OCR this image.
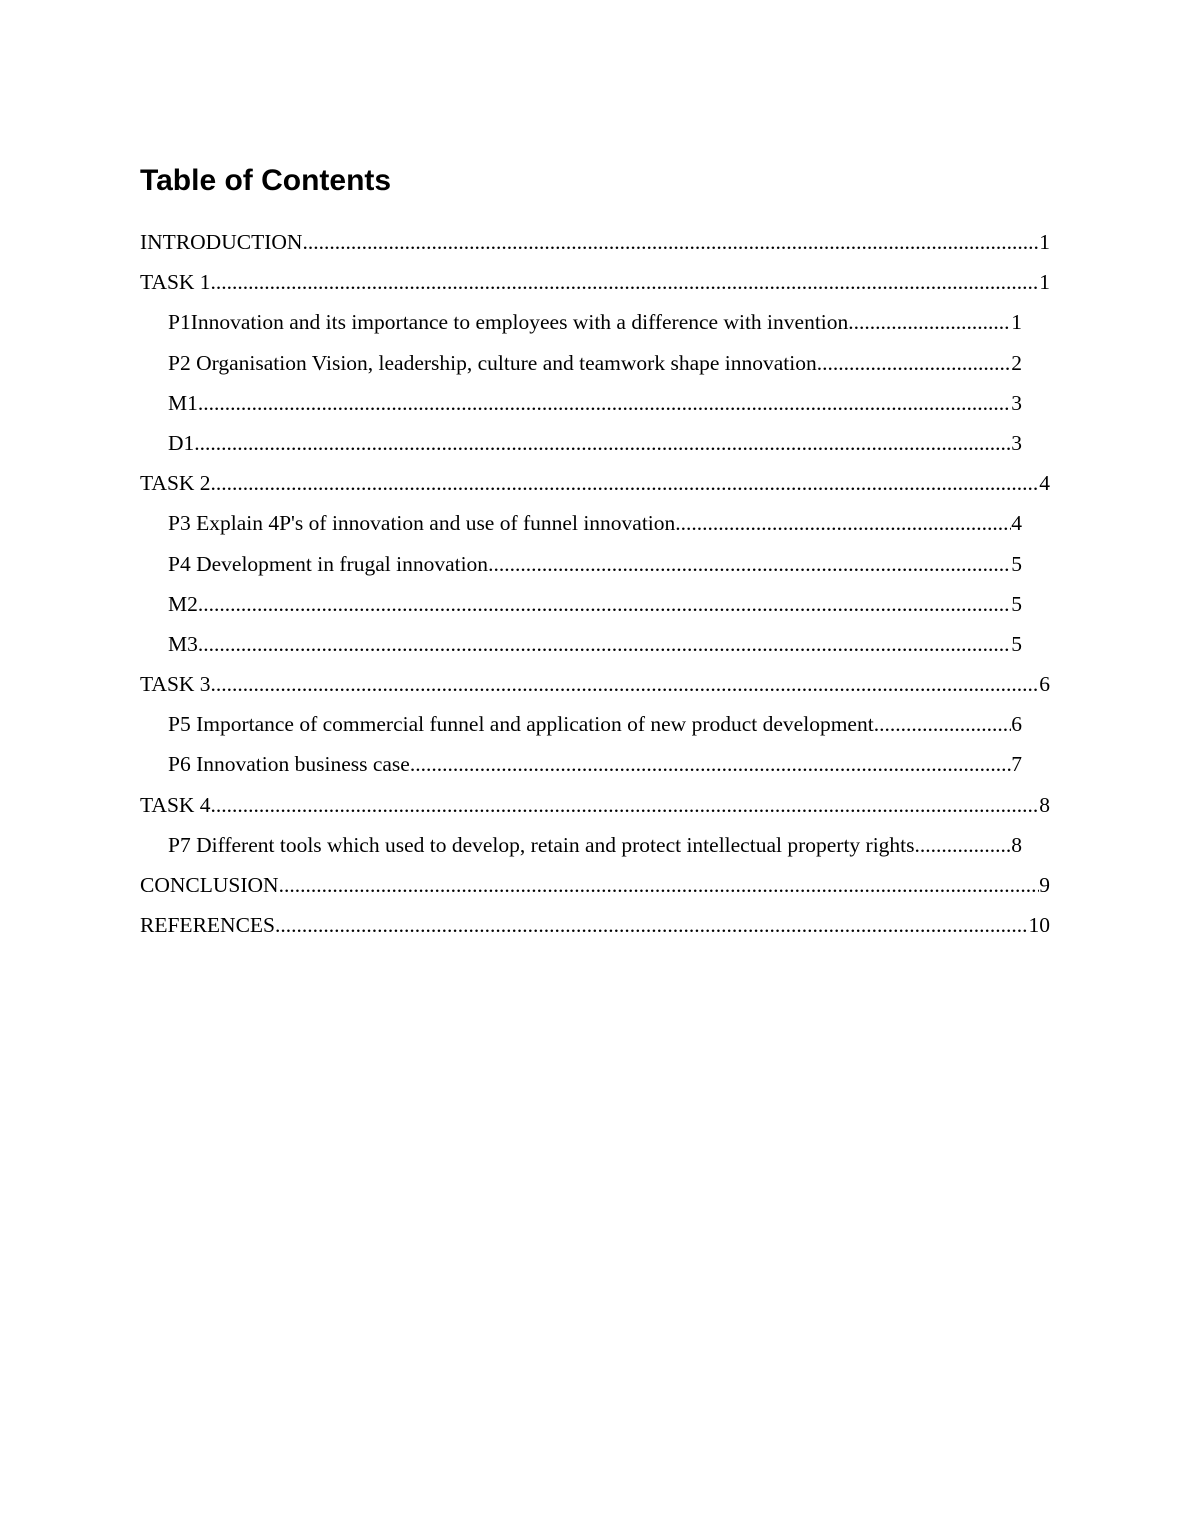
Table of Contents
INTRODUCTION .....	1
TASK 1 .....	1
P1Innovation and its importance to employees with a difference with invention .....	1
P2 Organisation Vision, leadership, culture and teamwork shape innovation .....	2
M1 .....	3
D1 .....	3
TASK 2 .....	4
P3 Explain 4P's of innovation and use of funnel innovation .....	4
P4 Development in frugal innovation .....	5
M2 .....	5
M3 .....	5
TASK 3 .....	6
P5 Importance of commercial funnel and application of new product development .....	6
P6 Innovation business case .....	7
TASK 4 .....	8
P7 Different tools which used to develop, retain and protect intellectual property rights .....	8
CONCLUSION .....	9
REFERENCES .....	10
